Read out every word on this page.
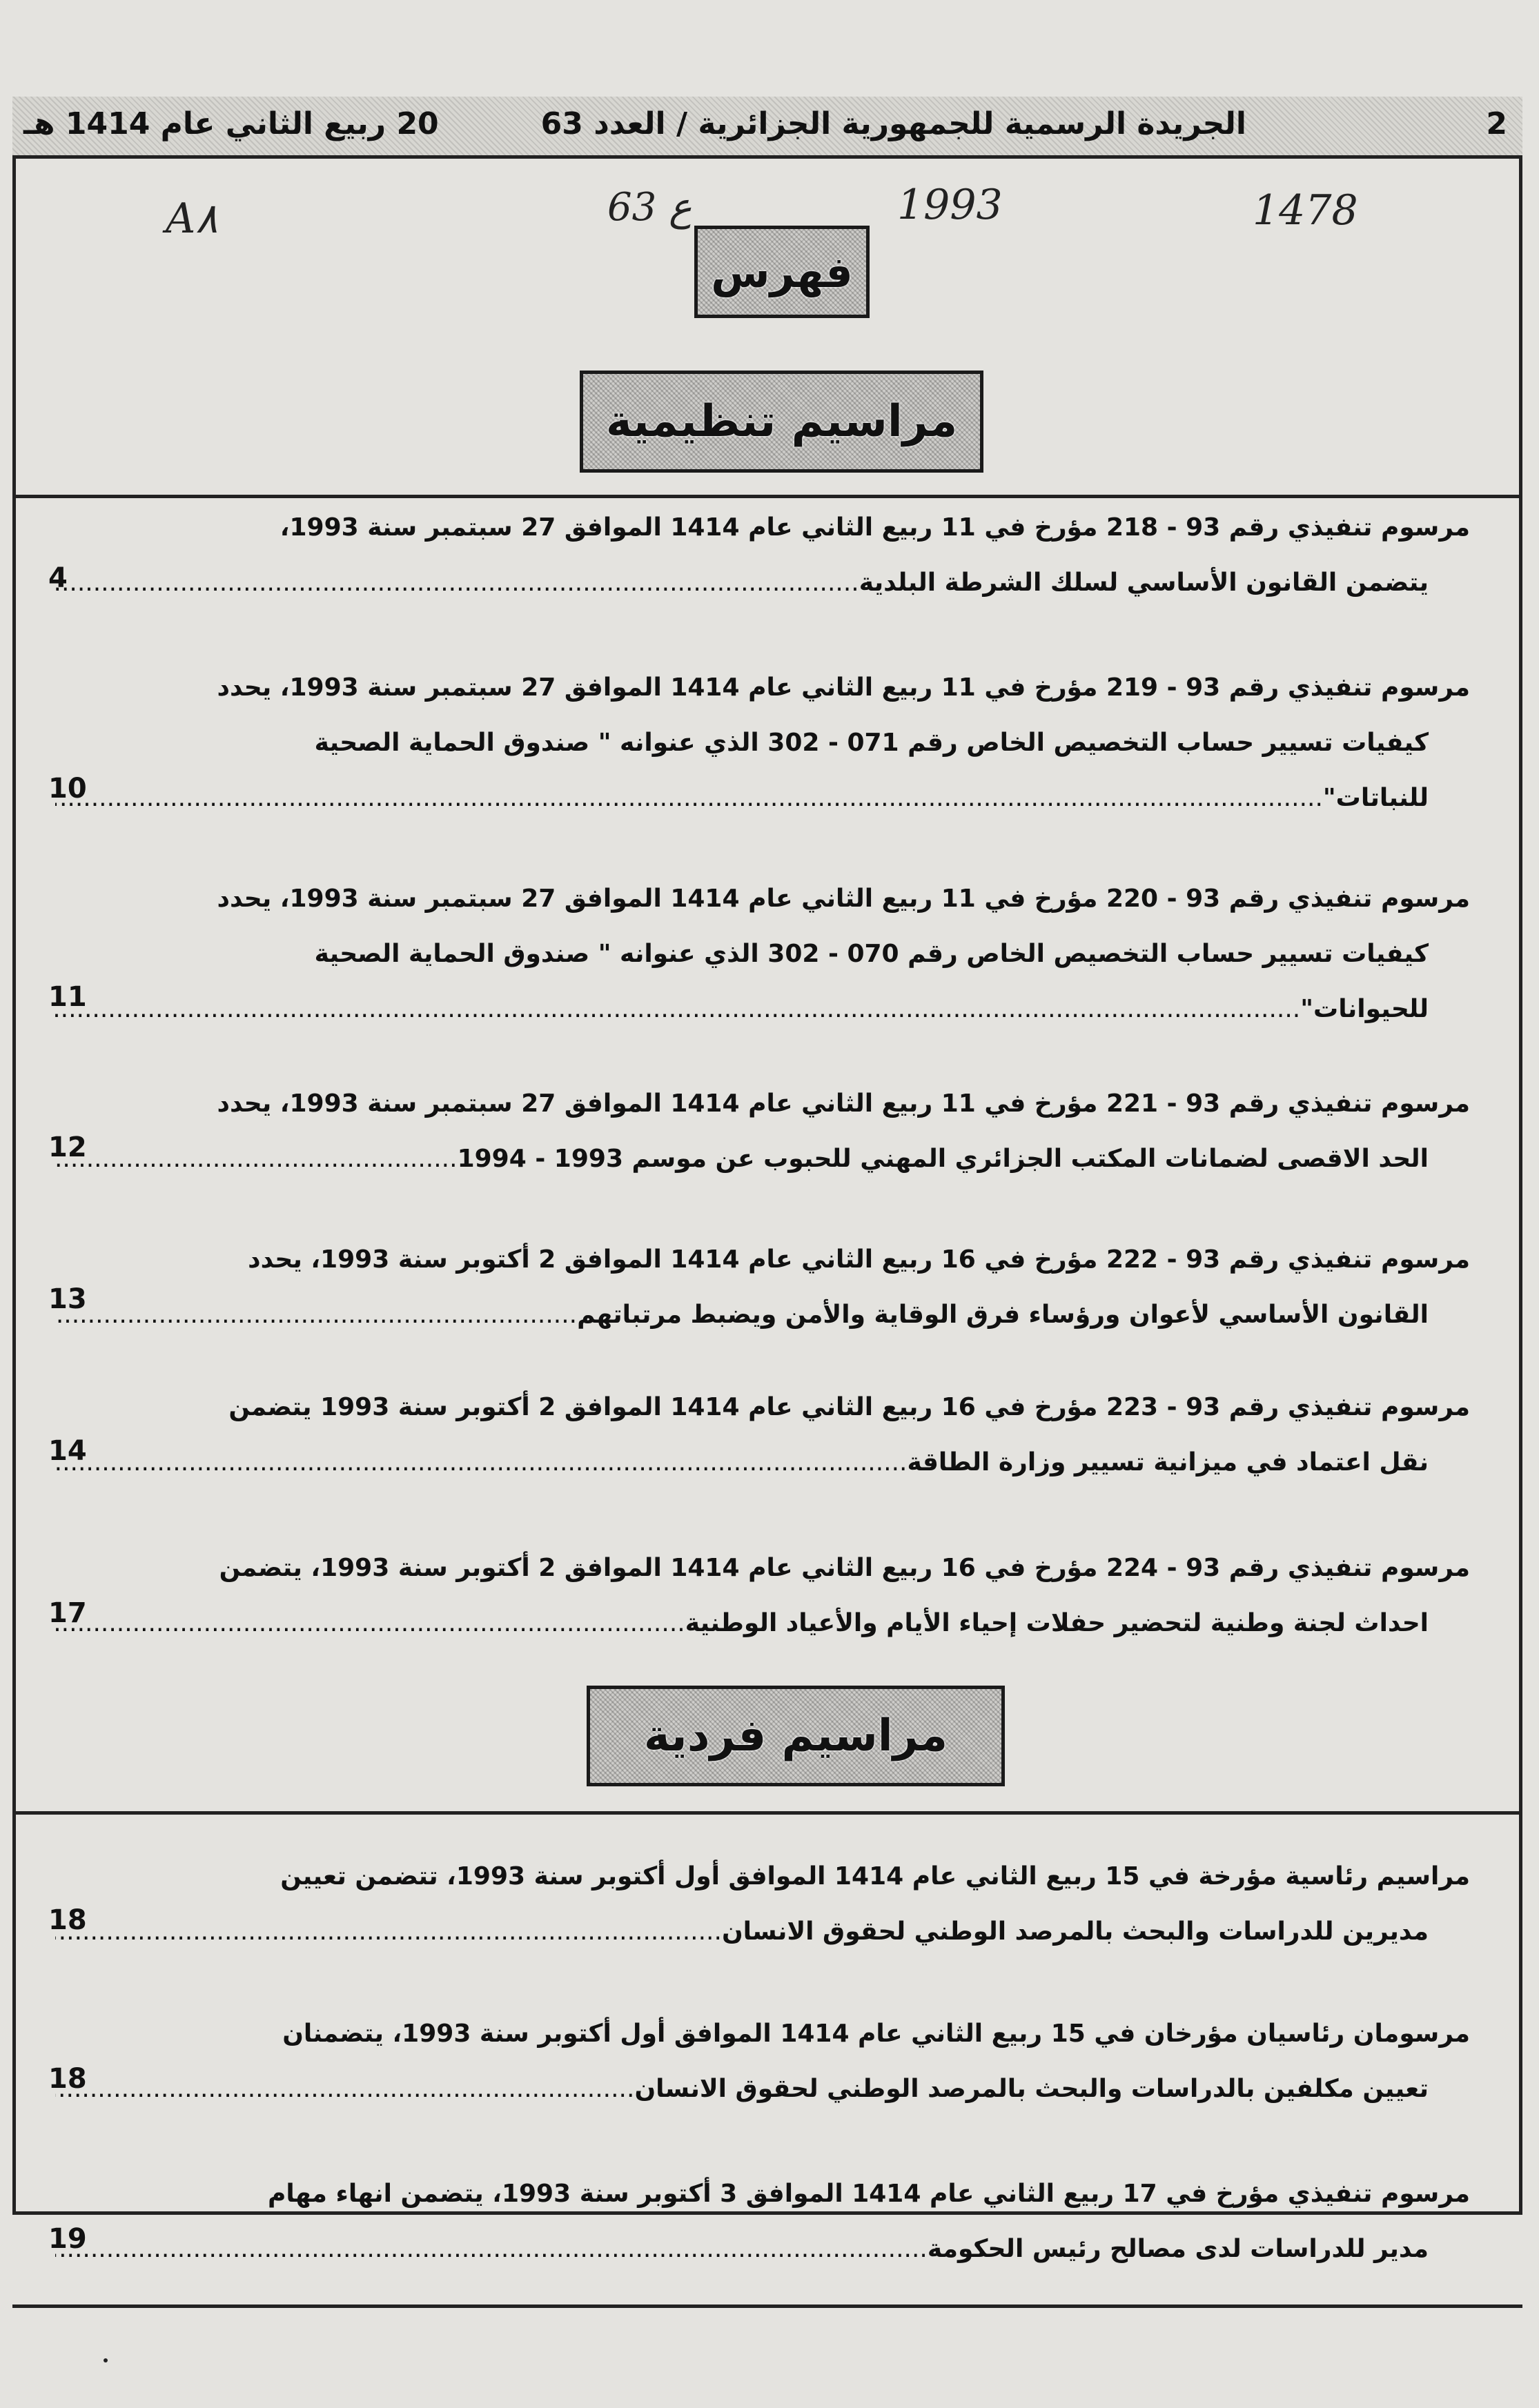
2
الجريدة الرسمية للجمهورية الجزائرية / العدد 63
20 ربيع الثاني عام 1414 هـ
A٨	63 ع	1993	1478
فهرس
مراسيم تنظيمية
مرسوم تنفيذي رقم 93 - 218 مؤرخ في 11 ربيع الثاني عام 1414 الموافق 27 سبتمبر سنة 1993،
يتضمن القانون الأساسي لسلك الشرطة البلدية .....
4
مرسوم تنفيذي رقم 93 - 219 مؤرخ في 11 ربيع الثاني عام 1414 الموافق 27 سبتمبر سنة 1993، يحدد
كيفيات تسيير حساب التخصيص الخاص رقم 071 - 302 الذي عنوانه " صندوق الحماية الصحية
للنباتات" .....
10
مرسوم تنفيذي رقم 93 - 220 مؤرخ في 11 ربيع الثاني عام 1414 الموافق 27 سبتمبر سنة 1993، يحدد
كيفيات تسيير حساب التخصيص الخاص رقم 070 - 302 الذي عنوانه " صندوق الحماية الصحية
للحيوانات" .....
11
مرسوم تنفيذي رقم 93 - 221 مؤرخ في 11 ربيع الثاني عام 1414 الموافق 27 سبتمبر سنة 1993، يحدد
الحد الاقصى لضمانات المكتب الجزائري المهني للحبوب عن موسم 1993 - 1994 .....
12
مرسوم تنفيذي رقم 93 - 222 مؤرخ في 16 ربيع الثاني عام 1414 الموافق 2 أكتوبر سنة 1993، يحدد
القانون الأساسي لأعوان ورؤساء فرق الوقاية والأمن ويضبط مرتباتهم .....
13
مرسوم تنفيذي رقم 93 - 223 مؤرخ في 16 ربيع الثاني عام 1414 الموافق 2 أكتوبر سنة 1993 يتضمن
نقل اعتماد في ميزانية تسيير وزارة الطاقة .....
14
مرسوم تنفيذي رقم 93 - 224 مؤرخ في 16 ربيع الثاني عام 1414 الموافق 2 أكتوبر سنة 1993، يتضمن
احداث لجنة وطنية لتحضير حفلات إحياء الأيام والأعياد الوطنية .....
17
مراسيم فردية
مراسيم رئاسية مؤرخة في 15 ربيع الثاني عام 1414 الموافق أول أكتوبر سنة 1993، تتضمن تعيين
مديرين للدراسات والبحث بالمرصد الوطني لحقوق الانسان .....
18
مرسومان رئاسيان مؤرخان في 15 ربيع الثاني عام 1414 الموافق أول أكتوبر سنة 1993، يتضمنان
تعيين مكلفين بالدراسات والبحث بالمرصد الوطني لحقوق الانسان .....
18
مرسوم تنفيذي مؤرخ في 17 ربيع الثاني عام 1414 الموافق 3 أكتوبر سنة 1993، يتضمن انهاء مهام
مدير للدراسات لدى مصالح رئيس الحكومة .....
19
